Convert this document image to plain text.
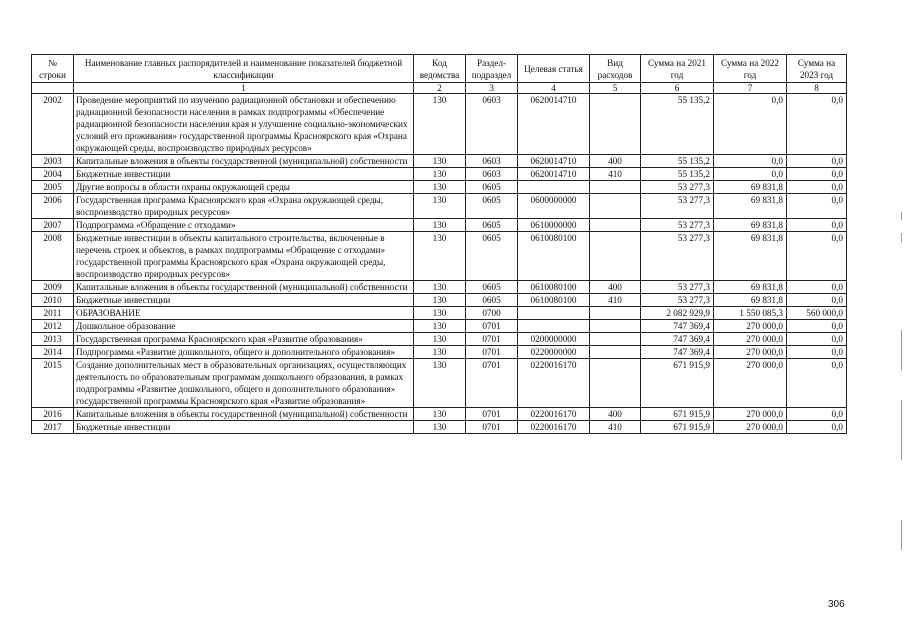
№ строки	Наименование главных распорядителей и наименование показателей бюджетной классификации	Код ведомства	Раздел-подраздел	Целевая статья	Вид расходов	Сумма на 2021 год	Сумма на 2022 год	Сумма на 2023 год
	1	2	3	4	5	6	7	8
2002	Проведение мероприятий по изучению радиационной обстановки и обеспечению радиационной безопасности населения в рамках подпрограммы «Обеспечение радиационной безопасности населения края и улучшение социально-экономических условий его проживания» государственной программы Красноярского края «Охрана окружающей среды, воспроизводство природных ресурсов»	130	0603	0620014710		55 135,2	0,0	0,0
2003	Капитальные вложения в объекты государственной (муниципальной) собственности	130	0603	0620014710	400	55 135,2	0,0	0,0
2004	Бюджетные инвестиции	130	0603	0620014710	410	55 135,2	0,0	0,0
2005	Другие вопросы в области охраны окружающей среды	130	0605			53 277,3	69 831,8	0,0
2006	Государственная программа Красноярского края «Охрана окружающей среды, воспроизводство природных ресурсов»	130	0605	0600000000		53 277,3	69 831,8	0,0
2007	Подпрограмма «Обращение с отходами»	130	0605	0610000000		53 277,3	69 831,8	0,0
2008	Бюджетные инвестиции в объекты капитального строительства, включенные в перечень строек и объектов, в рамках подпрограммы «Обращение с отходами» государственной программы Красноярского края «Охрана окружающей среды, воспроизводство природных ресурсов»	130	0605	0610080100		53 277,3	69 831,8	0,0
2009	Капитальные вложения в объекты государственной (муниципальной) собственности	130	0605	0610080100	400	53 277,3	69 831,8	0,0
2010	Бюджетные инвестиции	130	0605	0610080100	410	53 277,3	69 831,8	0,0
2011	ОБРАЗОВАНИЕ	130	0700			2 082 929,9	1 550 085,3	560 000,0
2012	Дошкольное образование	130	0701			747 369,4	270 000,0	0,0
2013	Государственная программа Красноярского края «Развитие образования»	130	0701	0200000000		747 369,4	270 000,0	0,0
2014	Подпрограмма «Развитие дошкольного, общего и дополнительного образования»	130	0701	0220000000		747 369,4	270 000,0	0,0
2015	Создание дополнительных мест в образовательных организациях, осуществляющих деятельность по образовательным программам дошкольного образования, в рамках подпрограммы «Развитие дошкольного, общего и дополнительного образования» государственной программы Красноярского края «Развитие образования»	130	0701	0220016170		671 915,9	270 000,0	0,0
2016	Капитальные вложения в объекты государственной (муниципальной) собственности	130	0701	0220016170	400	671 915,9	270 000,0	0,0
2017	Бюджетные инвестиции	130	0701	0220016170	410	671 915,9	270 000,0	0,0
306
